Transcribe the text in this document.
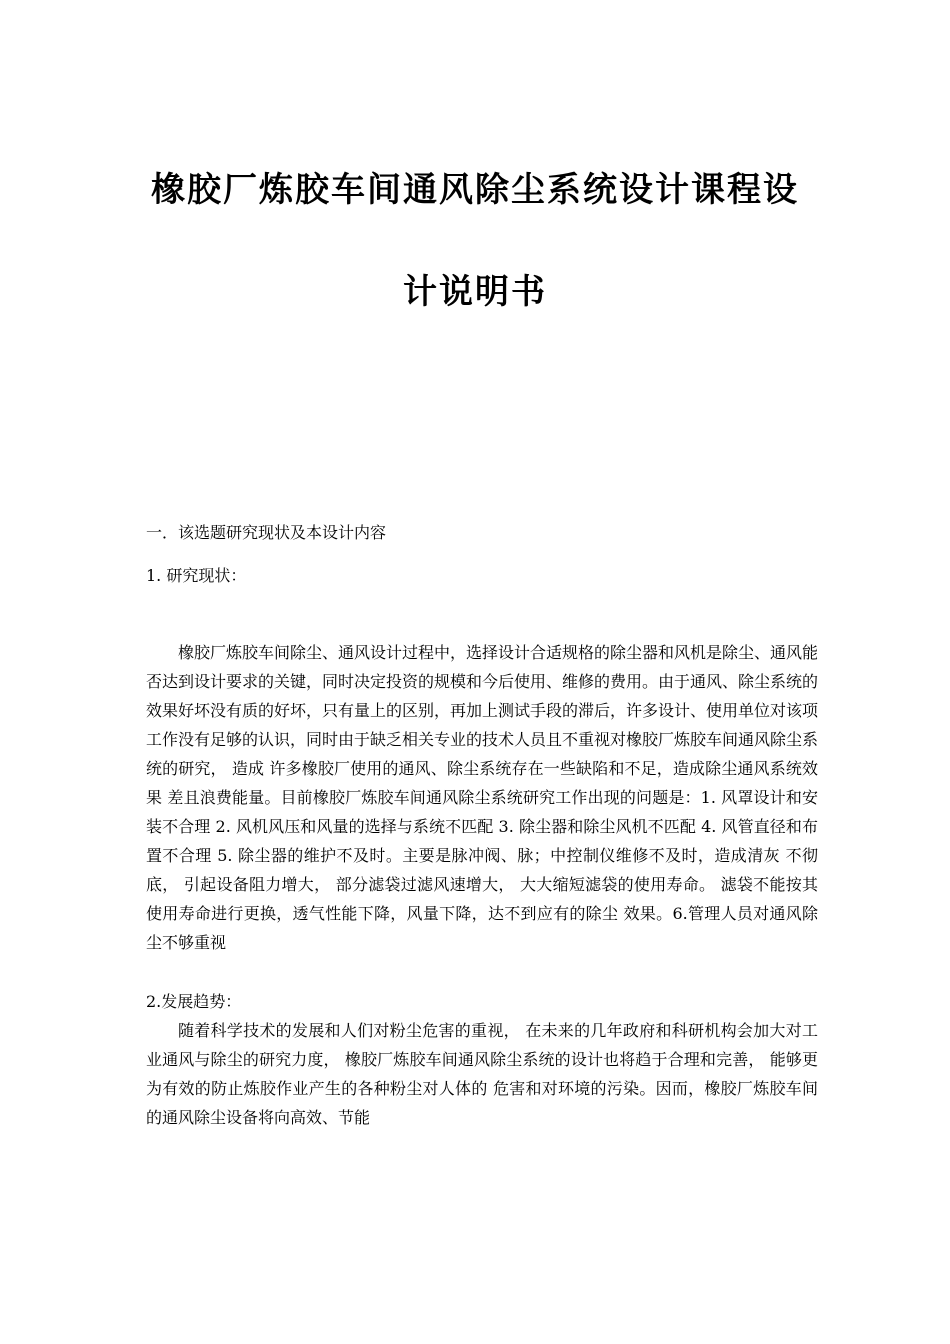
橡胶厂炼胶车间通风除尘系统设计课程设
计说明书

一．该选题研究现状及本设计内容

1. 研究现状：

橡胶厂炼胶车间除尘、通风设计过程中，选择设计合适规格的除尘器和风机是除尘、通风能否达到设计要求的关键，同时决定投资的规模和今后使用、维修的费用。由于通风、除尘系统的效果好坏没有质的好坏，只有量上的区别，再加上测试手段的滞后，许多设计、使用单位对该项工作没有足够的认识，同时由于缺乏相关专业的技术人员且不重视对橡胶厂炼胶车间通风除尘系统的研究， 造成 许多橡胶厂使用的通风、除尘系统存在一些缺陷和不足，造成除尘通风系统效果 差且浪费能量。目前橡胶厂炼胶车间通风除尘系统研究工作出现的问题是：1. 风罩设计和安装不合理 2. 风机风压和风量的选择与系统不匹配 3. 除尘器和除尘风机不匹配 4. 风管直径和布置不合理 5. 除尘器的维护不及时。主要是脉冲阀、脉；中控制仪维修不及时，造成清灰 不彻底， 引起设备阻力增大， 部分滤袋过滤风速增大， 大大缩短滤袋的使用寿命。 滤袋不能按其使用寿命进行更换，透气性能下降，风量下降，达不到应有的除尘 效果。6.管理人员对通风除尘不够重视

2.发展趋势：

随着科学技术的发展和人们对粉尘危害的重视， 在未来的几年政府和科研机构会加大对工业通风与除尘的研究力度， 橡胶厂炼胶车间通风除尘系统的设计也将趋于合理和完善， 能够更为有效的防止炼胶作业产生的各种粉尘对人体的 危害和对环境的污染。因而，橡胶厂炼胶车间的通风除尘设备将向高效、节能
